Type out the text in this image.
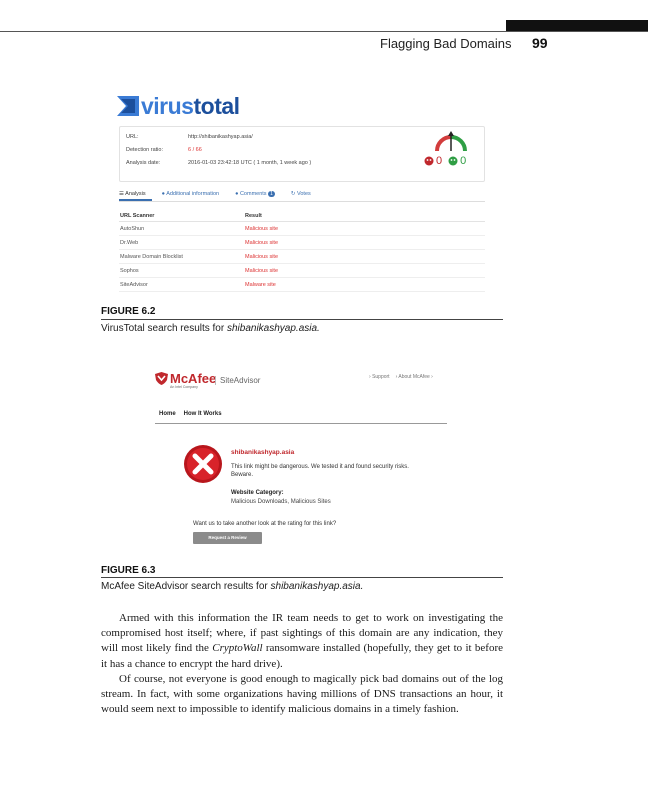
Flagging Bad Domains 99
virustotal
URL:	http://shibanikashyap.asia/
Detection ratio:	6 / 66
Analysis date:	2016-01-03 23:42:18 UTC ( 1 month, 1 week ago )	0 0
☰ Analysis	● Additional information	● Comments 1	↻ Votes
URL Scanner	Result
AutoShun	Malicious site
Dr.Web	Malicious site
Malware Domain Blocklist	Malicious site
Sophos	Malicious site
SiteAdvisor	Malware site
FIGURE 6.2
VirusTotal search results for shibanikashyap.asia.
McAfee
An Intel Company
SiteAdvisor	› Support › About McAfee ›
Home How It Works
shibanikashyap.asia
This link might be dangerous. We tested it and found security risks. Beware.
Website Category:
Malicious Downloads, Malicious Sites
Want us to take another look at the rating for this link?
Request a Review
FIGURE 6.3
McAfee SiteAdvisor search results for shibanikashyap.asia.

Armed with this information the IR team needs to get to work on investigating the compromised host itself; where, if past sightings of this domain are any indication, they will most likely find the CryptoWall ransomware installed (hopefully, they get to it before it has a chance to encrypt the hard drive).

Of course, not everyone is good enough to magically pick bad domains out of the log stream. In fact, with some organizations having millions of DNS transactions an hour, it would seem next to impossible to identify malicious domains in a timely fashion.
